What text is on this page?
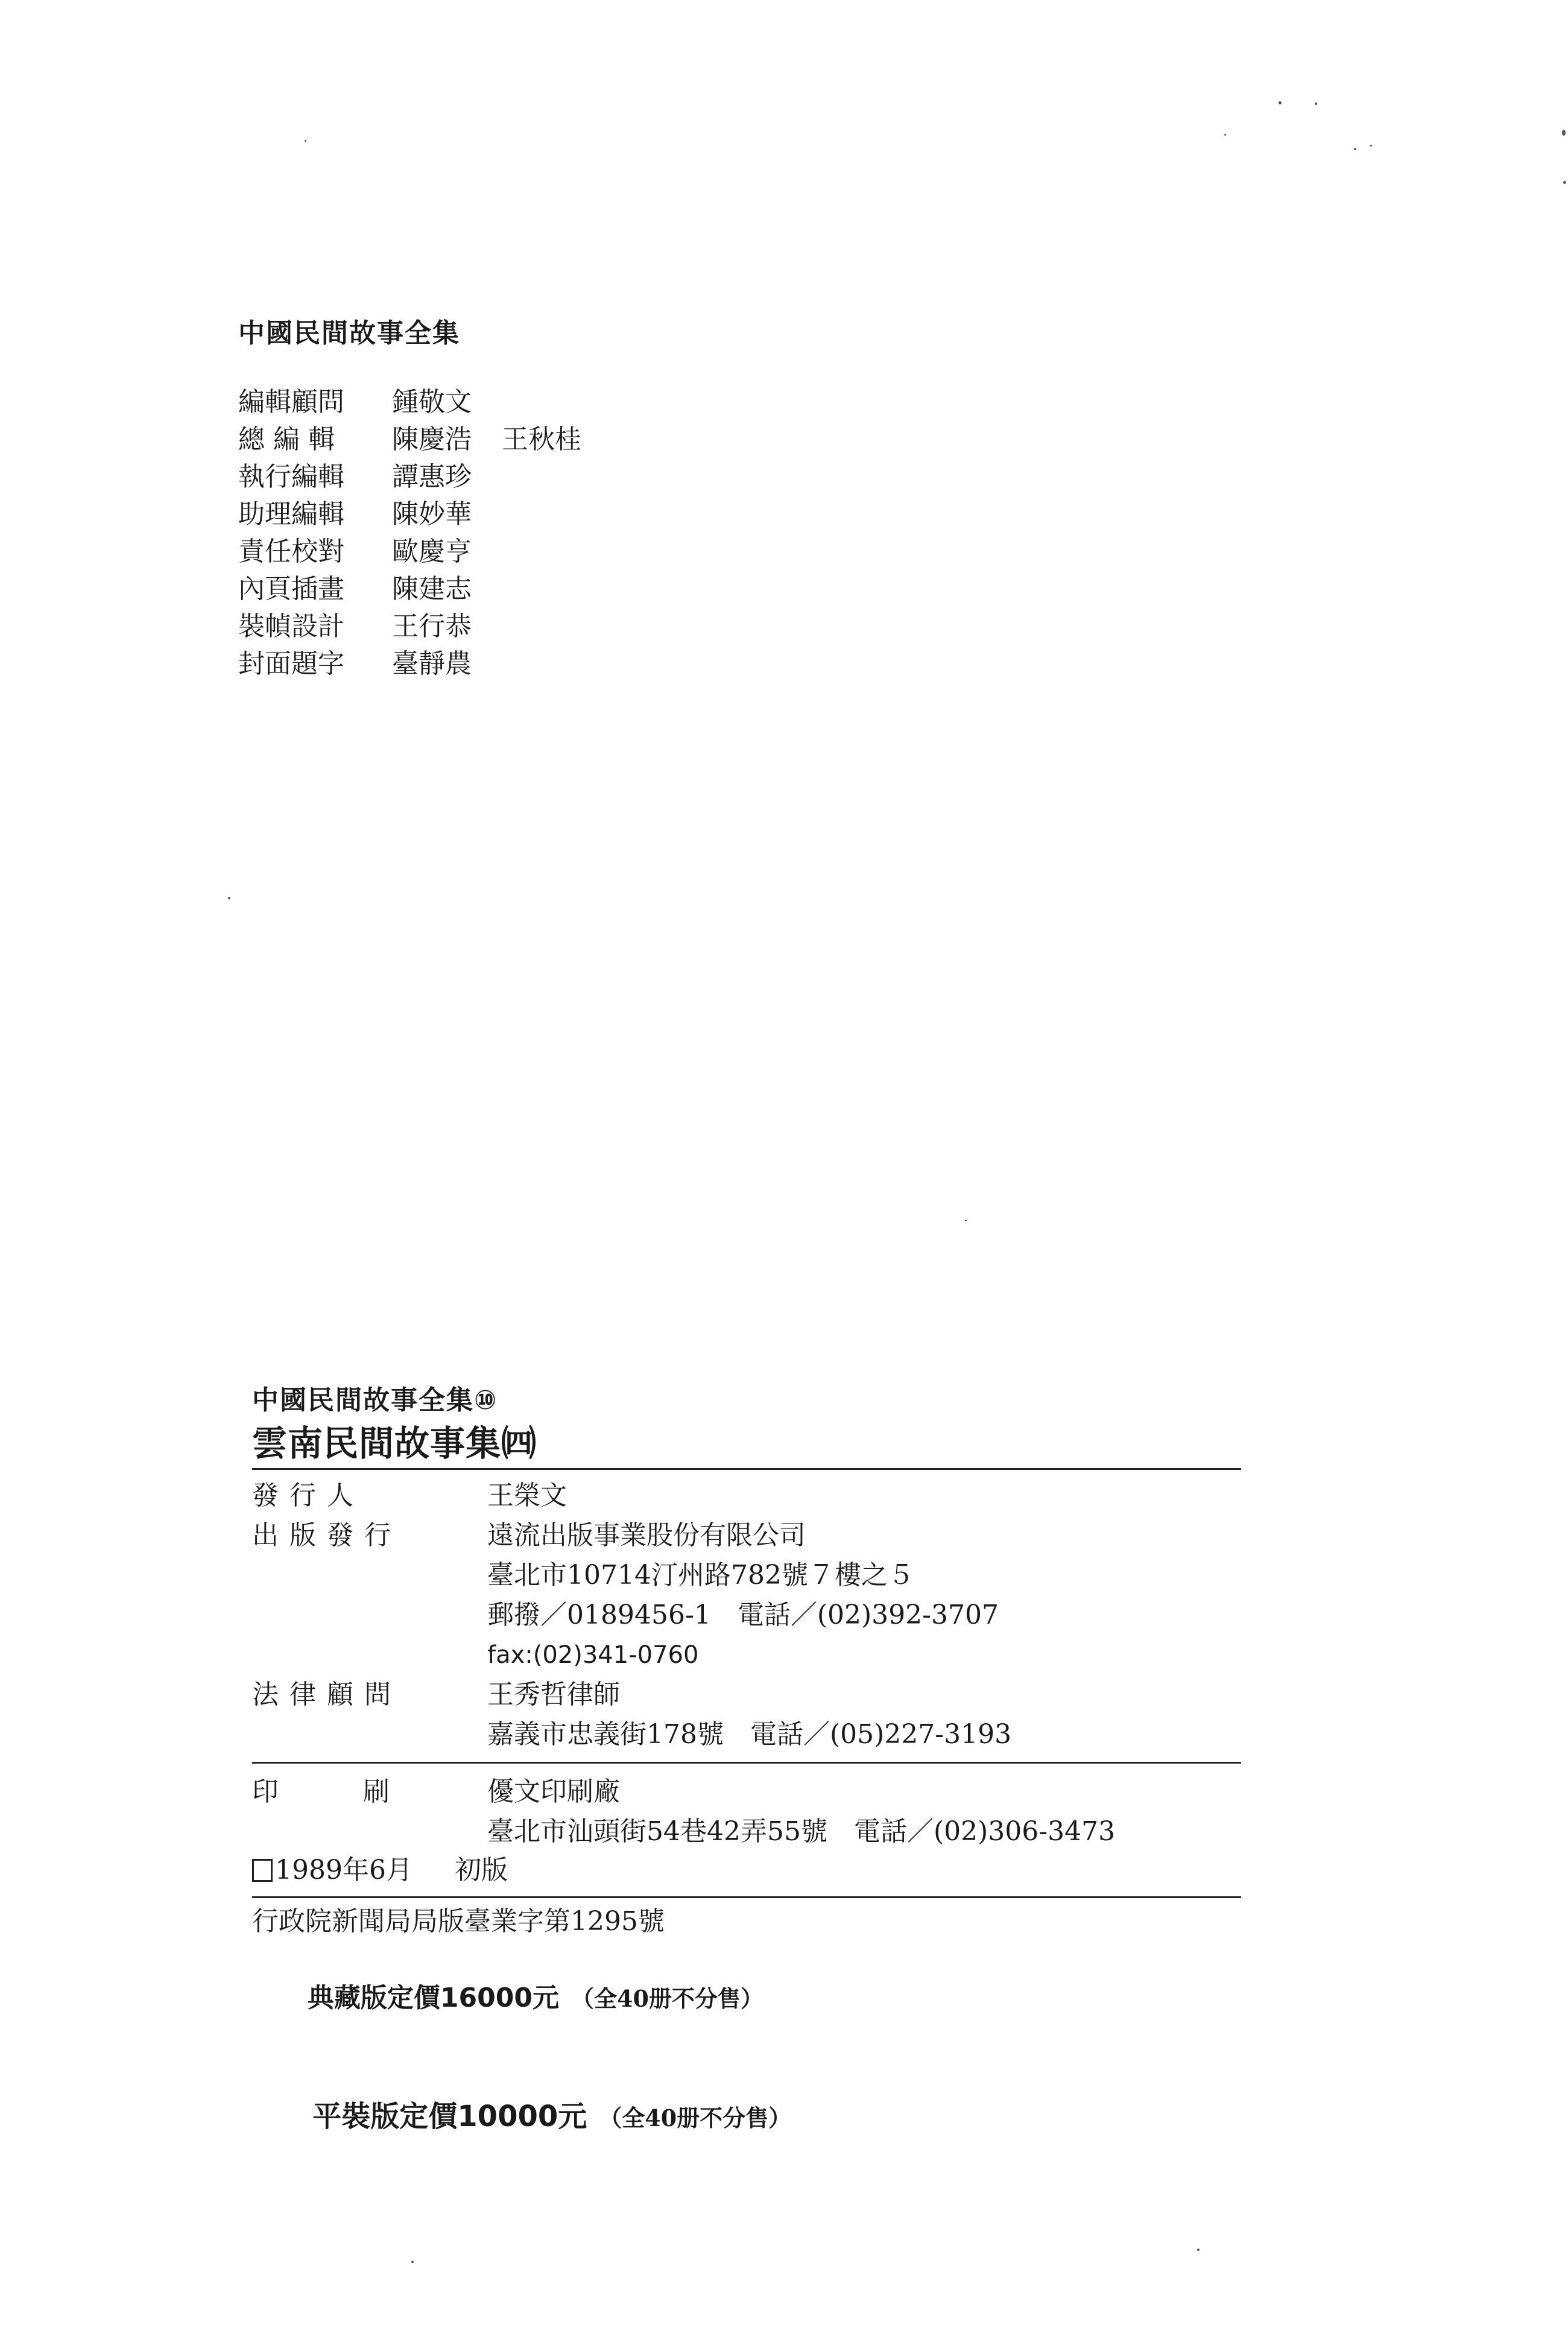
中國民間故事全集
編輯顧問	鍾敬文
總 編 輯	陳慶浩 王秋桂
執行編輯	譚惠珍
助理編輯	陳妙華
責任校對	歐慶亨
內頁插畫	陳建志
裝幀設計	王行恭
封面題字	臺靜農
中國民間故事全集⑩
雲南民間故事集㈣
發 行 人	王榮文
出 版 發 行	遠流出版事業股份有限公司
臺北市10714汀州路782號７樓之５
郵撥／0189456-1　電話／(02)392-3707
fax:(02)341-0760
法 律 顧 問	王秀哲律師
嘉義市忠義街178號　電話／(05)227-3193
印　　　刷	優文印刷廠
臺北市汕頭街54巷42弄55號　電話／(02)306-3473
1989年6月 初版
行政院新聞局局版臺業字第1295號

典藏版定價16000元 （全40册不分售）

平裝版定價10000元 （全40册不分售）
